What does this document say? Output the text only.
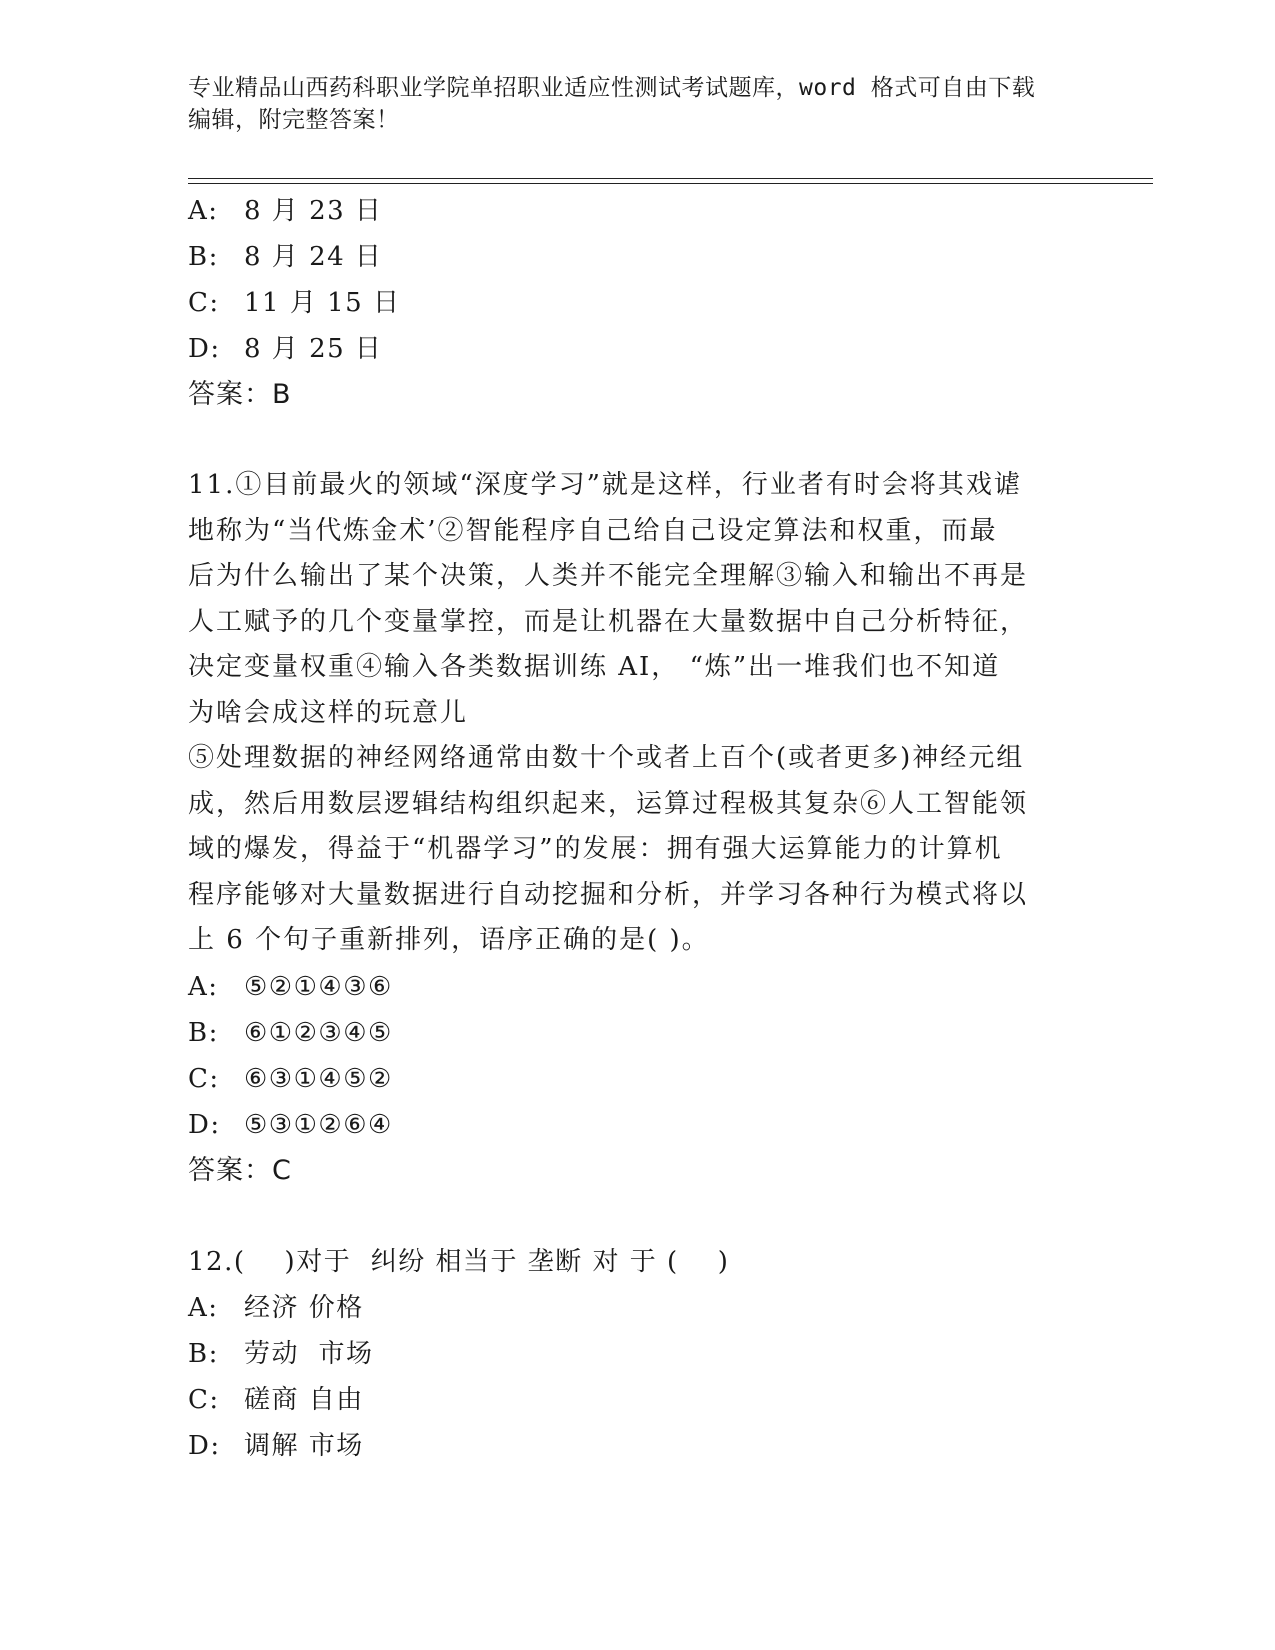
专业精品山西药科职业学院单招职业适应性测试考试题库，word 格式可自由下载
编辑，附完整答案！
A: 8 月 23 日
B: 8 月 24 日
C: 11 月 15 日
D: 8 月 25 日
答案：B
11.①目前最火的领域“深度学习”就是这样，行业者有时会将其戏谑
地称为“当代炼金术’②智能程序自己给自己设定算法和权重，而最
后为什么输出了某个决策，人类并不能完全理解③输入和输出不再是
人工赋予的几个变量掌控，而是让机器在大量数据中自己分析特征，
决定变量权重④输入各类数据训练 AI， “炼”出一堆我们也不知道
为啥会成这样的玩意儿
⑤处理数据的神经网络通常由数十个或者上百个(或者更多)神经元组
成，然后用数层逻辑结构组织起来，运算过程极其复杂⑥人工智能领
域的爆发，得益于“机器学习”的发展：拥有强大运算能力的计算机
程序能够对大量数据进行自动挖掘和分析，并学习各种行为模式将以
上 6 个句子重新排列，语序正确的是( )。
A: ⑤②①④③⑥
B: ⑥①②③④⑤
C: ⑥③①④⑤②
D: ⑤③①②⑥④
答案：C
12.(    )对于  纠纷 相当于 垄断 对 于 (    )
A: 经济 价格
B: 劳动  市场
C: 磋商 自由
D: 调解 市场
